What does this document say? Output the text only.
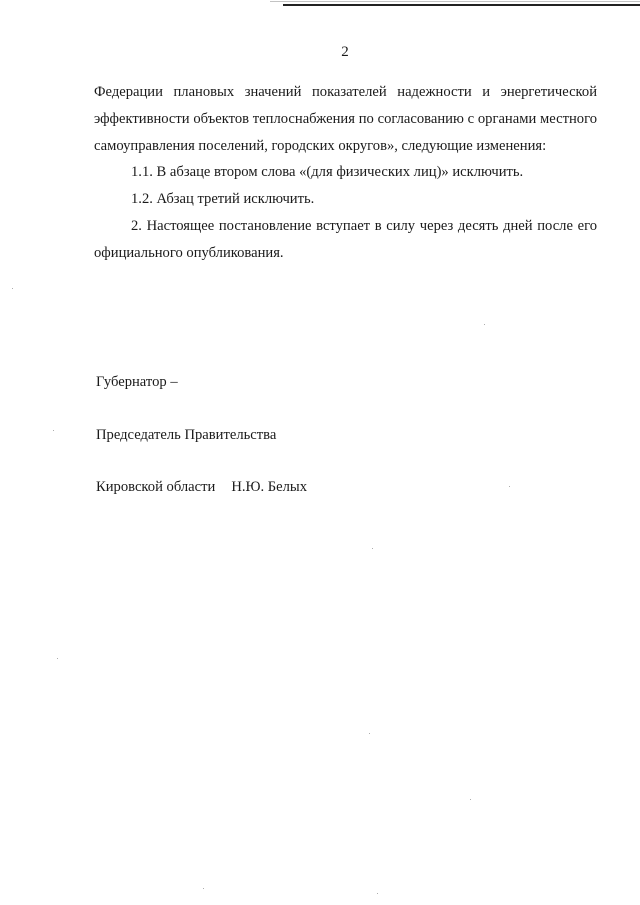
2

Федерации плановых значений показателей надежности и энергетической эффективности объектов теплоснабжения по согласованию с органами местного самоуправления поселений, городских округов», следующие изменения:

1.1. В абзаце втором слова «(для физических лиц)» исключить.

1.2. Абзац третий исключить.

2. Настоящее постановление вступает в силу через десять дней после его официального опубликования.

Губернатор –

Председатель Правительства

Кировской области Н.Ю. Белых
